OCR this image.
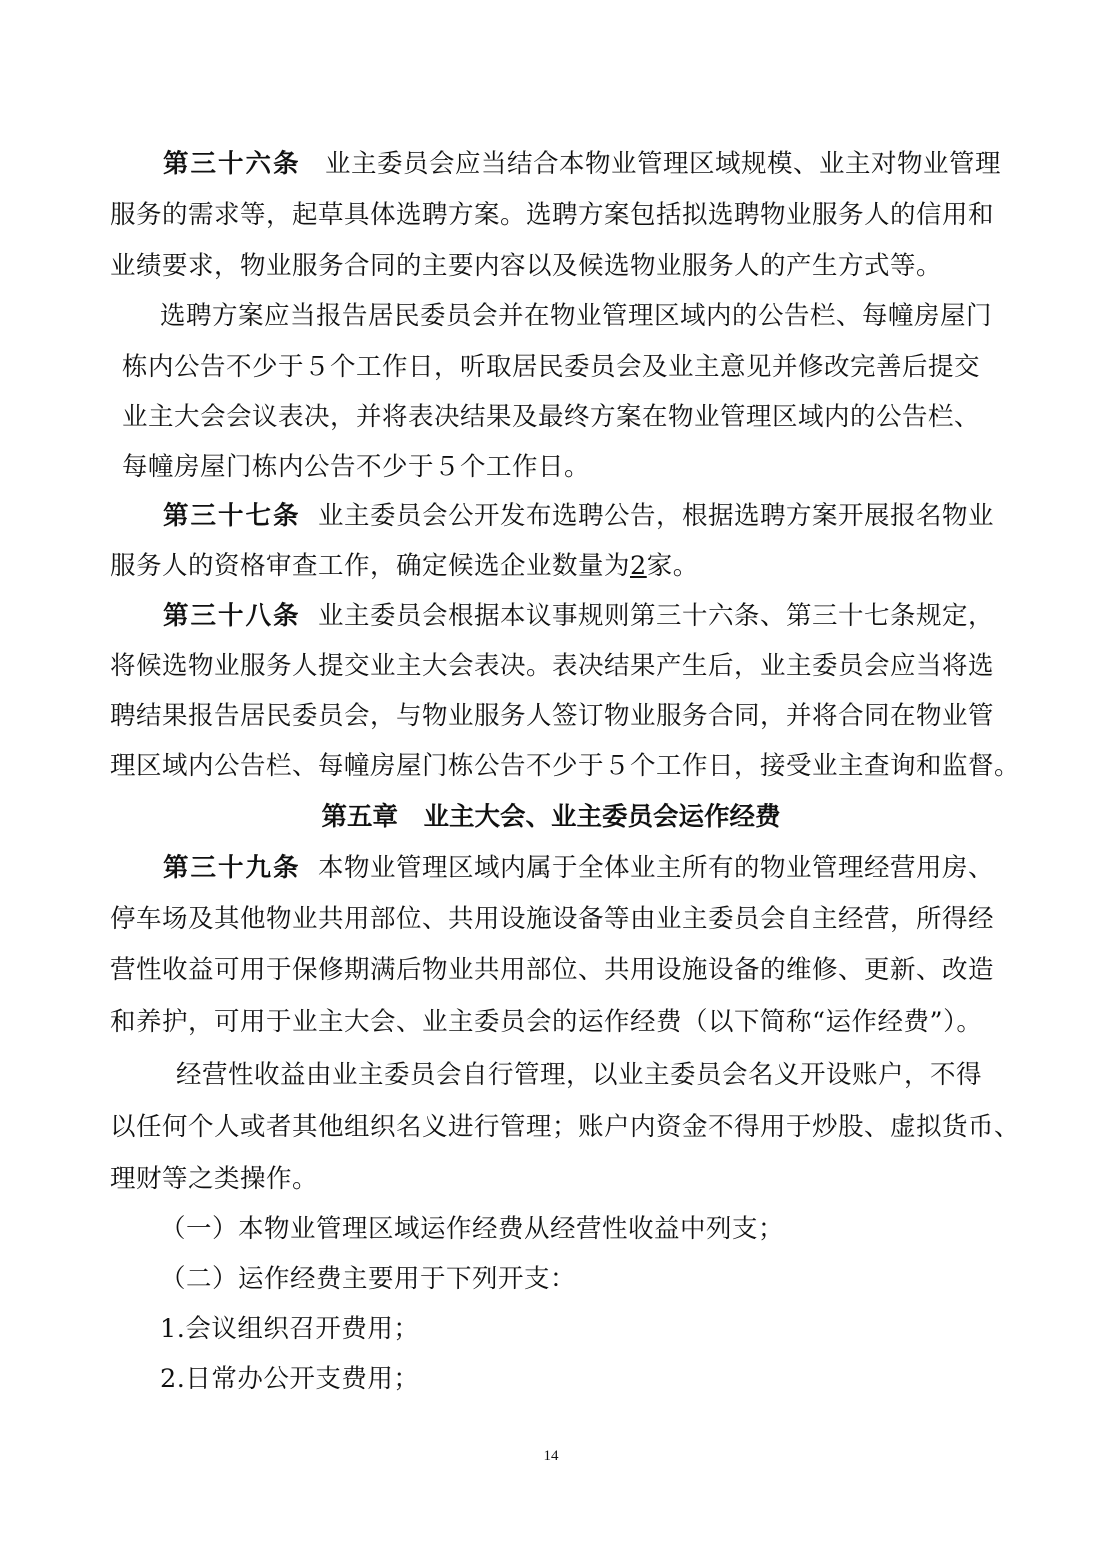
第三十六条 业主委员会应当结合本物业管理区域规模、业主对物业管理
服务的需求等，起草具体选聘方案。选聘方案包括拟选聘物业服务人的信用和
业绩要求，物业服务合同的主要内容以及候选物业服务人的产生方式等。
选聘方案应当报告居民委员会并在物业管理区域内的公告栏、每幢房屋门
栋内公告不少于５个工作日，听取居民委员会及业主意见并修改完善后提交
业主大会会议表决，并将表决结果及最终方案在物业管理区域内的公告栏、
每幢房屋门栋内公告不少于５个工作日。
第三十七条 业主委员会公开发布选聘公告，根据选聘方案开展报名物业
服务人的资格审查工作，确定候选企业数量为2家。
第三十八条 业主委员会根据本议事规则第三十六条、第三十七条规定，
将候选物业服务人提交业主大会表决。表决结果产生后，业主委员会应当将选
聘结果报告居民委员会，与物业服务人签订物业服务合同，并将合同在物业管
理区域内公告栏、每幢房屋门栋公告不少于５个工作日，接受业主查询和监督。
第五章　业主大会、业主委员会运作经费
第三十九条 本物业管理区域内属于全体业主所有的物业管理经营用房、
停车场及其他物业共用部位、共用设施设备等由业主委员会自主经营，所得经
营性收益可用于保修期满后物业共用部位、共用设施设备的维修、更新、改造
和养护，可用于业主大会、业主委员会的运作经费（以下简称“运作经费”）。
经营性收益由业主委员会自行管理，以业主委员会名义开设账户，不得
以任何个人或者其他组织名义进行管理；账户内资金不得用于炒股、虚拟货币、
理财等之类操作。
（一）本物业管理区域运作经费从经营性收益中列支；
（二）运作经费主要用于下列开支：
1.会议组织召开费用；
2.日常办公开支费用；
14
